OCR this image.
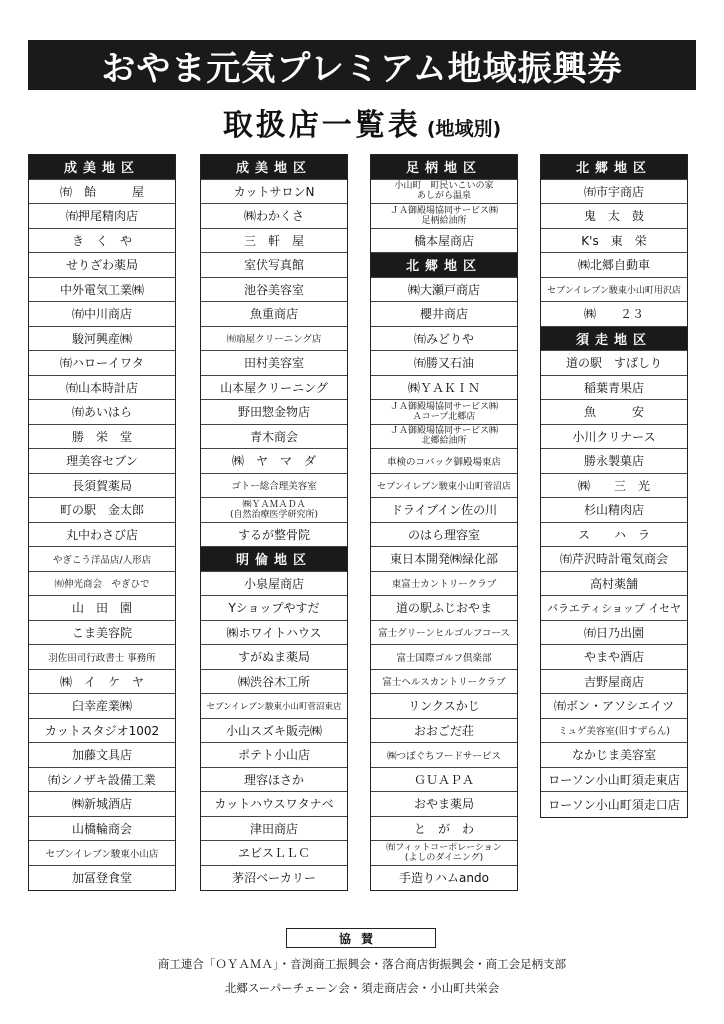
おやま元気プレミアム地域振興券
取扱店一覧表 (地域別)
成美地区
㈲　飴　　　屋
㈲押尾精肉店
き　く　や
せりざわ薬局
中外電気工業㈱
㈲中川商店
駿河興産㈱
㈲ハローイワタ
㈲山本時計店
㈲あいはら
勝　栄　堂
理美容セブン
長須賀薬局
町の駅　金太郎
丸中わさび店
やぎこう洋品店/人形店
㈲伸光商会　やぎひで
山　田　園
こま美容院
羽佐田司行政書士 事務所
㈱　イ　ケ　ヤ
臼幸産業㈱
カットスタジオ1002
加藤文具店
㈲シノザキ設備工業
㈱新城酒店
山橋輪商会
セブンイレブン駿東小山店
加冨登食堂
成美地区
カットサロンN
㈱わかくさ
三　軒　屋
室伏写真館
池谷美容室
魚重商店
㈲扇屋クリーニング店
田村美容室
山本屋クリーニング
野田惣金物店
青木商会
㈱　ヤ　マ　ダ
ゴトー総合理美容室
㈱ＹＡＭＡＤＡ
(自然治療医学研究所)
するが整骨院
明倫地区
小泉屋商店
Yショップやすだ
㈱ホワイトハウス
すがぬま薬局
㈱渋谷木工所
セブンイレブン駿東小山町菅沼東店
小山スズキ販売㈱
ポテト小山店
理容ほさか
カットハウスワタナベ
津田商店
ヱビスＬＬＣ
茅沼ベーカリー
足柄地区
小山町　町民いこいの家
あしがら温泉
ＪＡ御殿場協同サービス㈱
足柄給油所
橋本屋商店
北郷地区
㈱大瀬戸商店
櫻井商店
㈲みどりや
㈲勝又石油
㈱ＹＡＫＩＮ
ＪＡ御殿場協同サービス㈱
Ａコープ北郷店
ＪＡ御殿場協同サービス㈱
北郷給油所
車検のコバック御殿場東店
セブンイレブン駿東小山町菅沼店
ドライブイン佐の川
のはら理容室
東日本開発㈱緑化部
東富士カントリークラブ
道の駅ふじおやま
富士グリーンヒルゴルフコース
富士国際ゴルフ倶楽部
富士ヘルスカントリークラブ
リンクスかじ
おおごだ荘
㈱つぼぐちフードサービス
ＧＵＡＰＡ
おやま薬局
と　が　わ
㈲フィットコーポレーション
(よしのダイニング)
手造りハムando
北郷地区
㈲市宇商店
鬼　太　鼓
K's　東　栄
㈱北郷自動車
セブンイレブン駿東小山町用沢店
㈱　　２３
須走地区
道の駅　すばしり
稲葉青果店
魚　　　安
小川クリナース
勝永製菓店
㈱　　三　光
杉山精肉店
ス　　ハ　ラ
㈲芹沢時計電気商会
高村薬舗
バラエティショップ イセヤ
㈲日乃出園
やまや酒店
吉野屋商店
㈲ボン・アソシエイツ
ミュゲ美容室(旧すずらん)
なかじま美容室
ローソン小山町須走東店
ローソン小山町須走口店
協賛
商工連合「ＯＹＡＭＡ」・音渕商工振興会・落合商店街振興会・商工会足柄支部
北郷スーパーチェーン会・須走商店会・小山町共栄会
